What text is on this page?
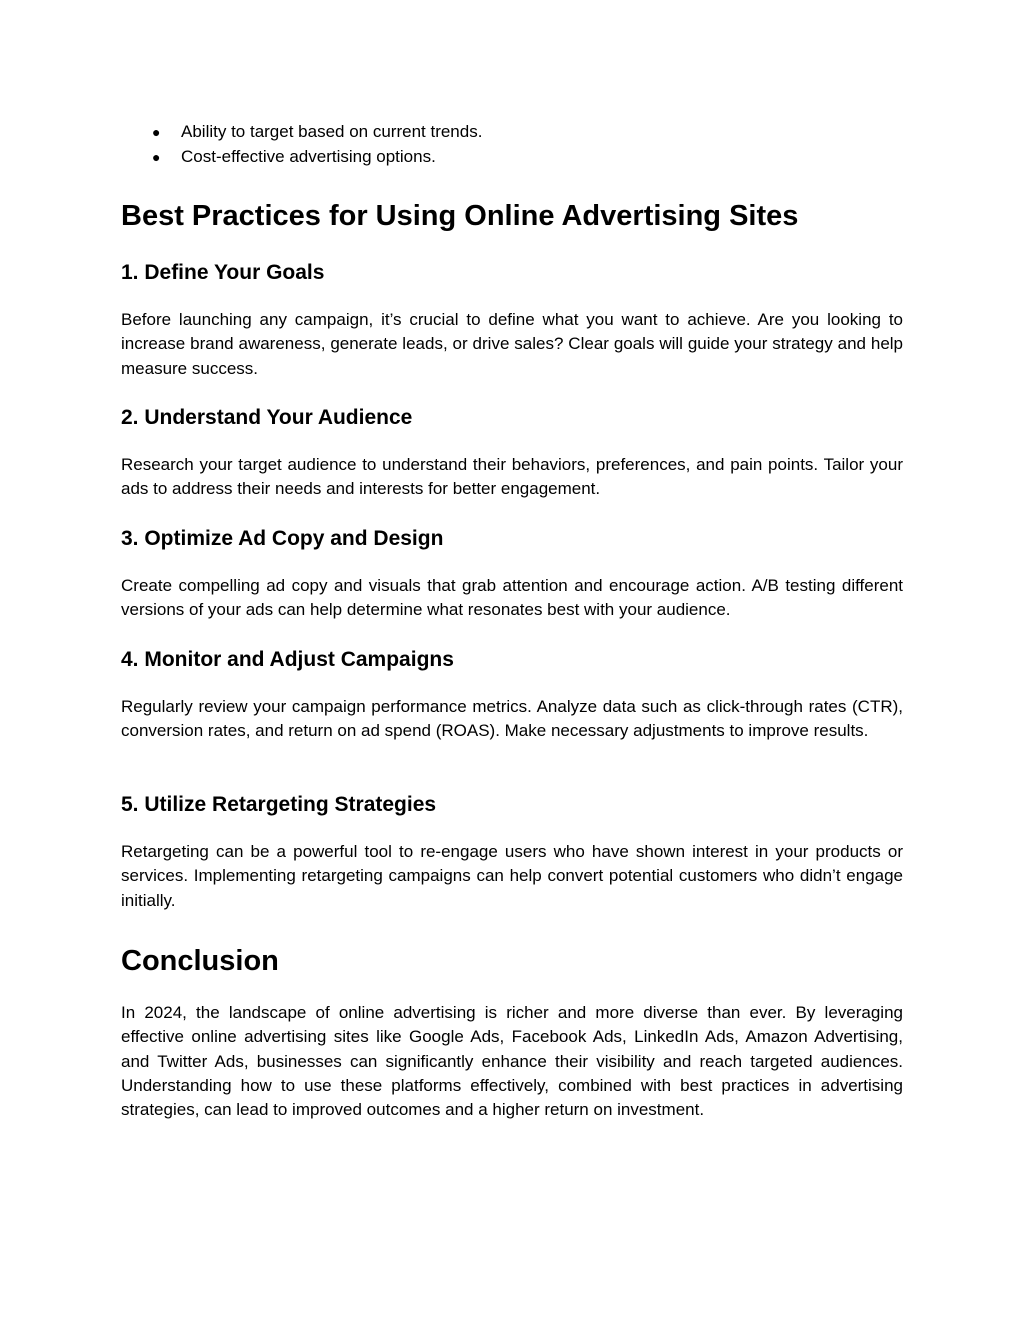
● Ability to target based on current trends.
● Cost-effective advertising options.
Best Practices for Using Online Advertising Sites
1. Define Your Goals

Before launching any campaign, it’s crucial to define what you want to achieve. Are you looking to increase brand awareness, generate leads, or drive sales? Clear goals will guide your strategy and help measure success.

2. Understand Your Audience

Research your target audience to understand their behaviors, preferences, and pain points. Tailor your ads to address their needs and interests for better engagement.

3. Optimize Ad Copy and Design

Create compelling ad copy and visuals that grab attention and encourage action. A/B testing different versions of your ads can help determine what resonates best with your audience.

4. Monitor and Adjust Campaigns

Regularly review your campaign performance metrics. Analyze data such as click-through rates (CTR), conversion rates, and return on ad spend (ROAS). Make necessary adjustments to improve results.

5. Utilize Retargeting Strategies

Retargeting can be a powerful tool to re-engage users who have shown interest in your products or services. Implementing retargeting campaigns can help convert potential customers who didn’t engage initially.

Conclusion

In 2024, the landscape of online advertising is richer and more diverse than ever. By leveraging effective online advertising sites like Google Ads, Facebook Ads, LinkedIn Ads, Amazon Advertising, and Twitter Ads, businesses can significantly enhance their visibility and reach targeted audiences. Understanding how to use these platforms effectively, combined with best practices in advertising strategies, can lead to improved outcomes and a higher return on investment.
